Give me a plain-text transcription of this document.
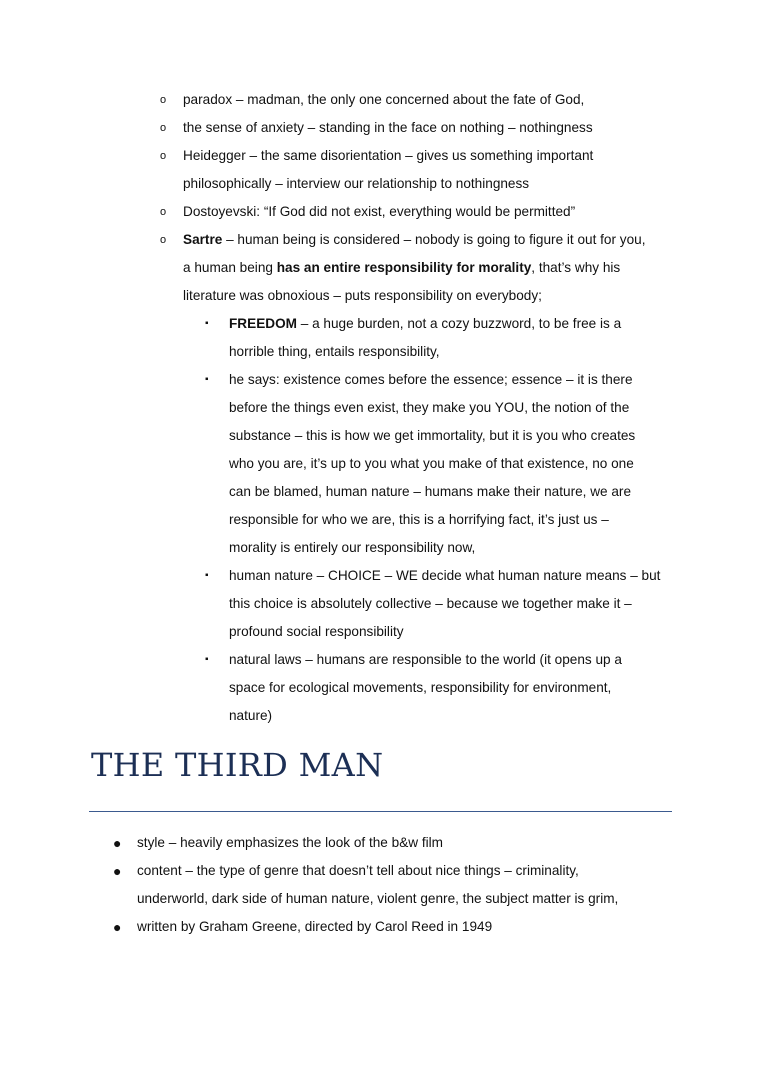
o paradox – madman, the only one concerned about the fate of God,
o the sense of anxiety – standing in the face on nothing – nothingness
o Heidegger – the same disorientation – gives us something important
philosophically – interview our relationship to nothingness
o Dostoyevski: “If God did not exist, everything would be permitted”
o Sartre – human being is considered – nobody is going to figure it out for you,
a human being has an entire responsibility for morality, that’s why his
literature was obnoxious – puts responsibility on everybody;
▪ FREEDOM – a huge burden, not a cozy buzzword, to be free is a
horrible thing, entails responsibility,
▪ he says: existence comes before the essence; essence – it is there
before the things even exist, they make you YOU, the notion of the
substance – this is how we get immortality, but it is you who creates
who you are, it’s up to you what you make of that existence, no one
can be blamed, human nature – humans make their nature, we are
responsible for who we are, this is a horrifying fact, it’s just us –
morality is entirely our responsibility now,
▪ human nature – CHOICE – WE decide what human nature means – but
this choice is absolutely collective – because we together make it –
profound social responsibility
▪ natural laws – humans are responsible to the world (it opens up a
space for ecological movements, responsibility for environment,
nature)
THE THIRD MAN
● style – heavily emphasizes the look of the b&w film
● content – the type of genre that doesn’t tell about nice things – criminality,
underworld, dark side of human nature, violent genre, the subject matter is grim,
● written by Graham Greene, directed by Carol Reed in 1949
